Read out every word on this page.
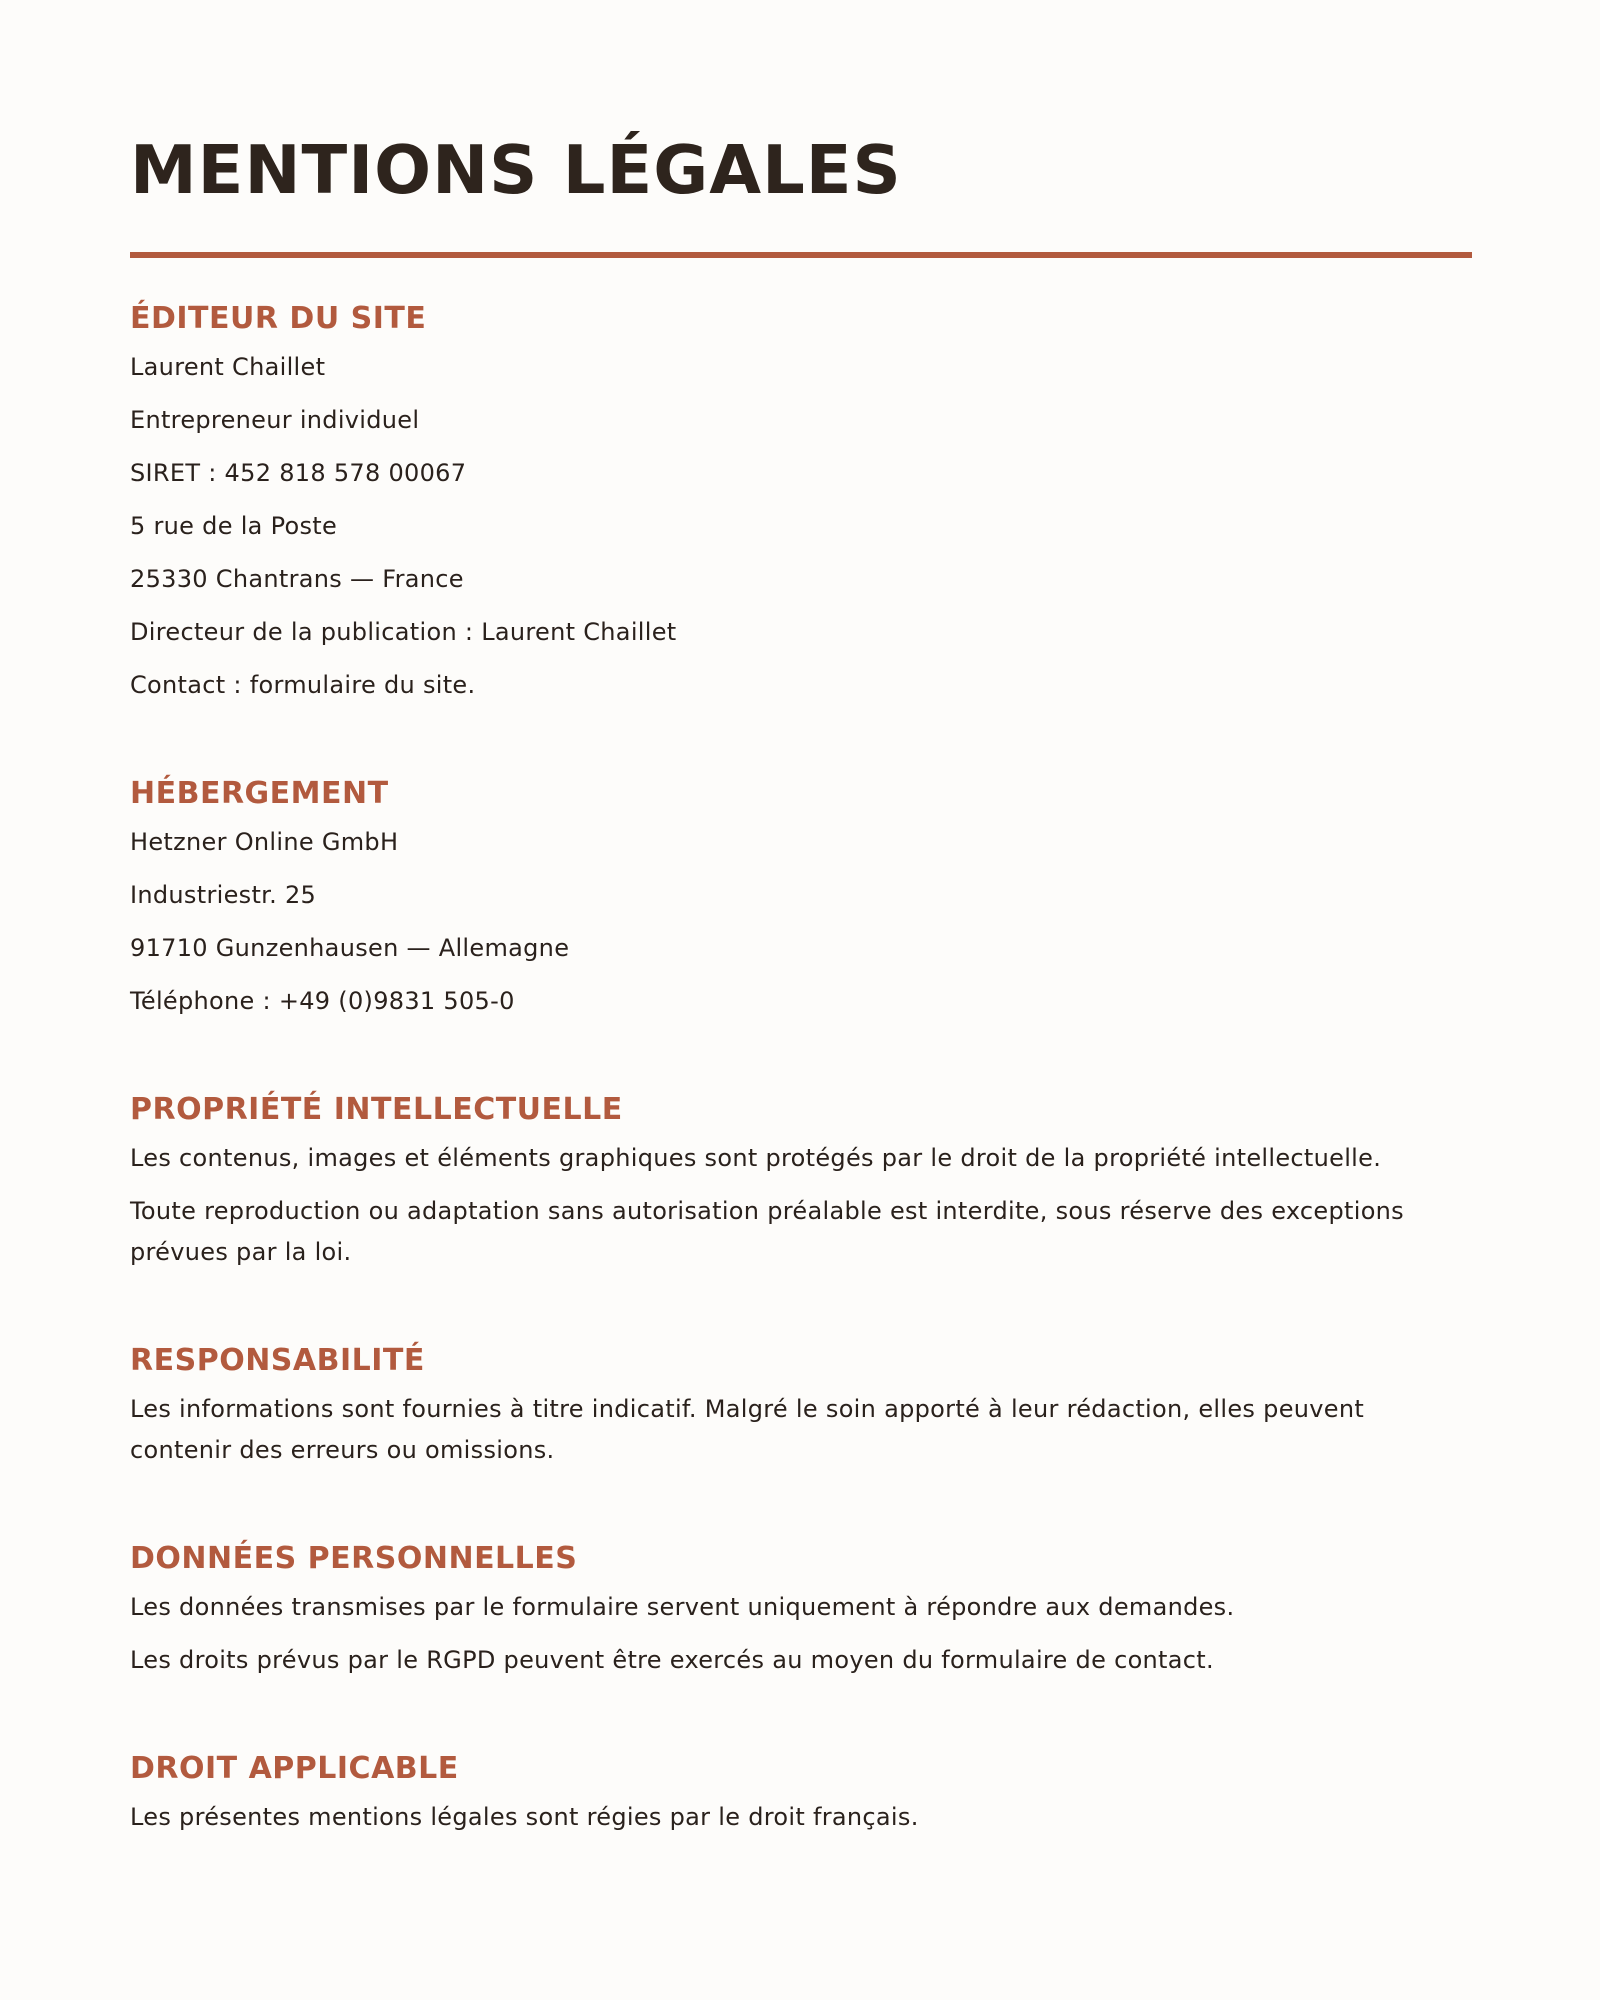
MENTIONS LÉGALES
ÉDITEUR DU SITE

Laurent Chaillet

Entrepreneur individuel

SIRET : 452 818 578 00067

5 rue de la Poste

25330 Chantrans — France

Directeur de la publication : Laurent Chaillet

Contact : formulaire du site.

HÉBERGEMENT

Hetzner Online GmbH

Industriestr. 25

91710 Gunzenhausen — Allemagne

Téléphone : +49 (0)9831 505-0

PROPRIÉTÉ INTELLECTUELLE

Les contenus, images et éléments graphiques sont protégés par le droit de la propriété intellectuelle.

Toute reproduction ou adaptation sans autorisation préalable est interdite, sous réserve des exceptions prévues par la loi.

RESPONSABILITÉ

Les informations sont fournies à titre indicatif. Malgré le soin apporté à leur rédaction, elles peuvent contenir des erreurs ou omissions.

DONNÉES PERSONNELLES

Les données transmises par le formulaire servent uniquement à répondre aux demandes.

Les droits prévus par le RGPD peuvent être exercés au moyen du formulaire de contact.

DROIT APPLICABLE

Les présentes mentions légales sont régies par le droit français.
